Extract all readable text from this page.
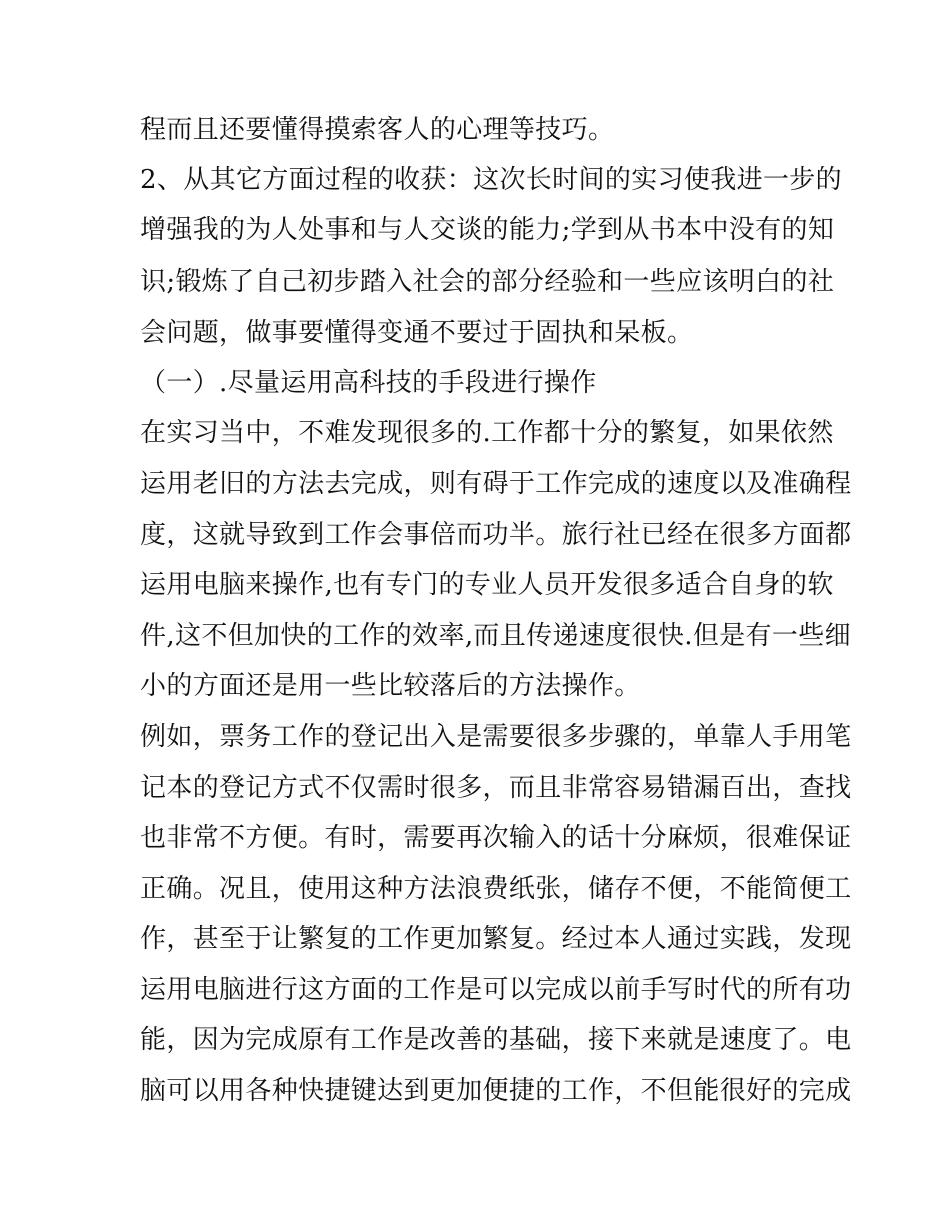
程而且还要懂得摸索客人的心理等技巧。
2、从其它方面过程的收获：这次长时间的实习使我进一步的
增强我的为人处事和与人交谈的能力;学到从书本中没有的知
识;锻炼了自己初步踏入社会的部分经验和一些应该明白的社
会问题，做事要懂得变通不要过于固执和呆板。
（一）.尽量运用高科技的手段进行操作
在实习当中，不难发现很多的.工作都十分的繁复，如果依然
运用老旧的方法去完成，则有碍于工作完成的速度以及准确程
度，这就导致到工作会事倍而功半。旅行社已经在很多方面都
运用电脑来操作,也有专门的专业人员开发很多适合自身的软
件,这不但加快的工作的效率,而且传递速度很快.但是有一些细
小的方面还是用一些比较落后的方法操作。
例如，票务工作的登记出入是需要很多步骤的，单靠人手用笔
记本的登记方式不仅需时很多，而且非常容易错漏百出，查找
也非常不方便。有时，需要再次输入的话十分麻烦，很难保证
正确。况且，使用这种方法浪费纸张，储存不便，不能简便工
作，甚至于让繁复的工作更加繁复。经过本人通过实践，发现
运用电脑进行这方面的工作是可以完成以前手写时代的所有功
能，因为完成原有工作是改善的基础，接下来就是速度了。电
脑可以用各种快捷键达到更加便捷的工作，不但能很好的完成
